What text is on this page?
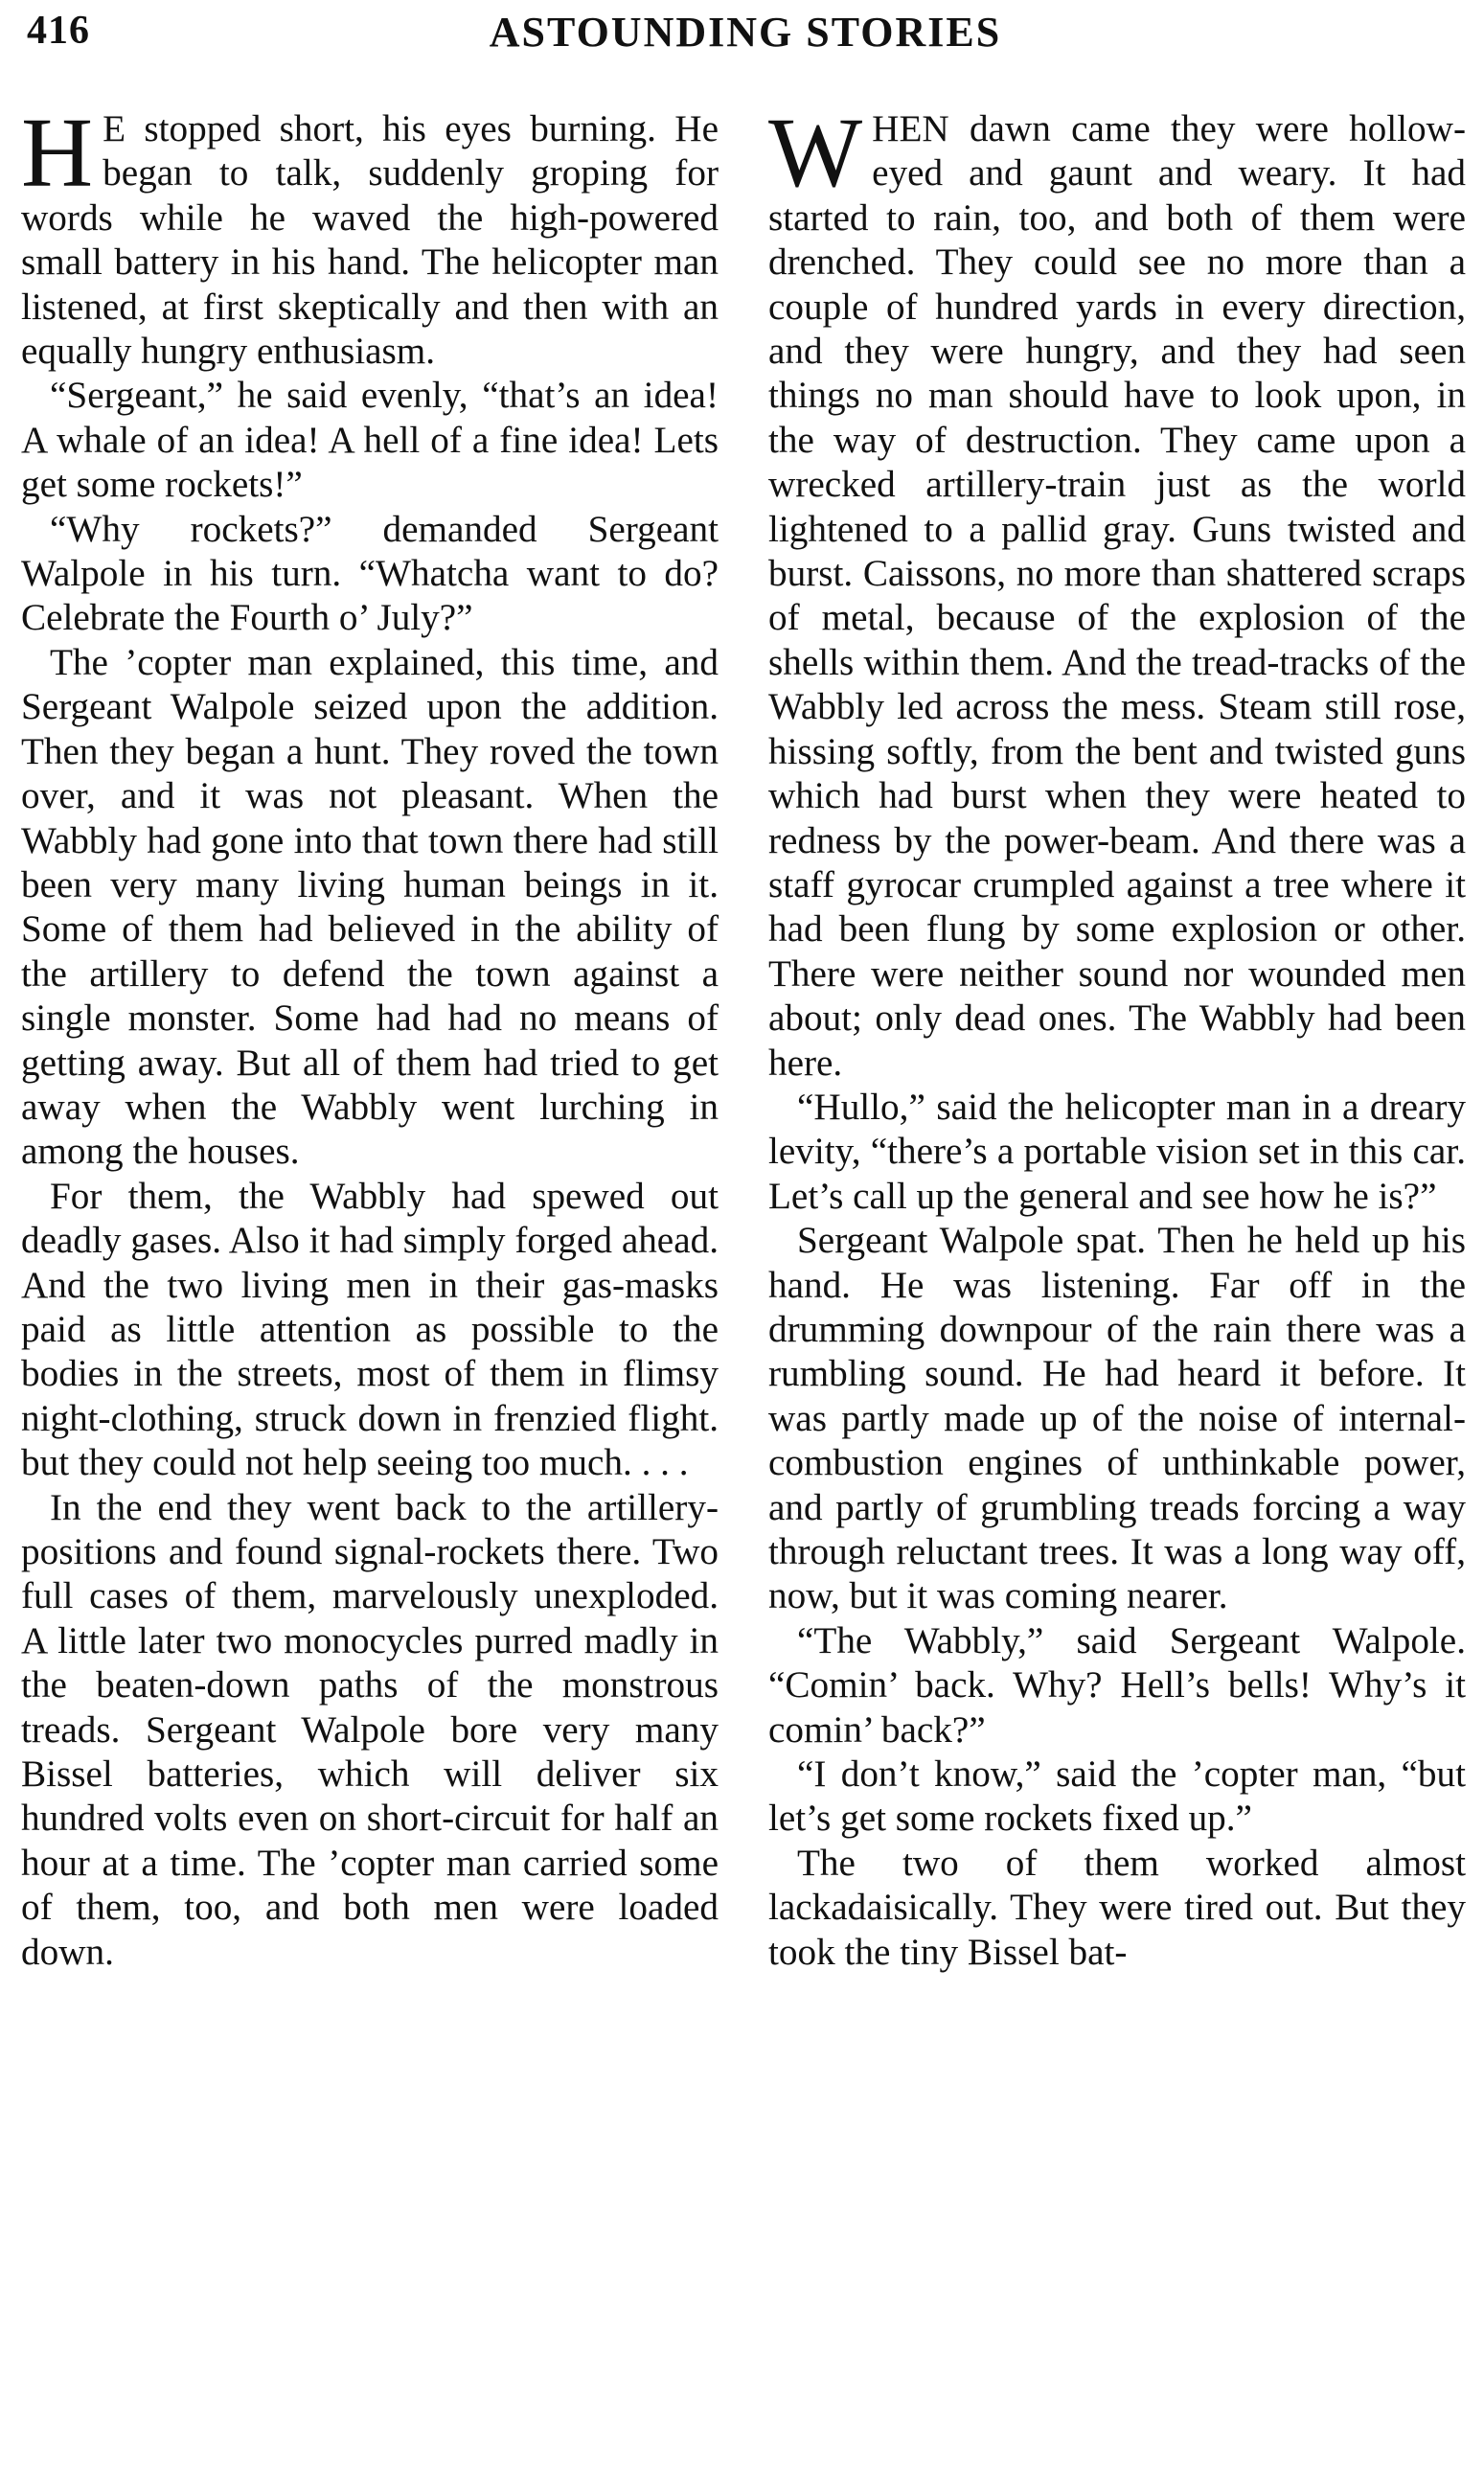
416	ASTOUNDING STORIES

H E stopped short, his eyes burning. He began to talk, suddenly groping for words while he waved the high-powered small battery in his hand. The helicopter man listened, at first skeptically and then with an equally hungry enthusiasm.

“Sergeant,” he said evenly, “that’s an idea! A whale of an idea! A hell of a fine idea! Lets get some rockets!”

“Why rockets?” demanded Sergeant Walpole in his turn. “Whatcha want to do? Celebrate the Fourth o’ July?”

The ’copter man explained, this time, and Sergeant Walpole seized upon the addition. Then they began a hunt. They roved the town over, and it was not pleasant. When the Wabbly had gone into that town there had still been very many living human beings in it. Some of them had believed in the ability of the artillery to defend the town against a single monster. Some had had no means of getting away. But all of them had tried to get away when the Wabbly went lurching in among the houses.

For them, the Wabbly had spewed out deadly gases. Also it had simply forged ahead. And the two living men in their gas-masks paid as little attention as possible to the bodies in the streets, most of them in flimsy night-clothing, struck down in frenzied flight. but they could not help seeing too much. . . .

In the end they went back to the artillery-positions and found signal-rockets there. Two full cases of them, marvelously unexploded. A little later two monocycles purred madly in the beaten-down paths of the monstrous treads. Sergeant Walpole bore very many Bissel batteries, which will deliver six hundred volts even on short-circuit for half an hour at a time. The ’copter man carried some of them, too, and both men were loaded down.

WHEN dawn came they were hollow-eyed and gaunt and weary. It had started to rain, too, and both of them were drenched. They could see no more than a couple of hundred yards in every direction, and they were hungry, and they had seen things no man should have to look upon, in the way of destruction. They came upon a wrecked artillery-train just as the world lightened to a pallid gray. Guns twisted and burst. Caissons, no more than shattered scraps of metal, because of the explosion of the shells within them. And the tread-tracks of the Wabbly led across the mess. Steam still rose, hissing softly, from the bent and twisted guns which had burst when they were heated to redness by the power-beam. And there was a staff gyrocar crumpled against a tree where it had been flung by some explosion or other. There were neither sound nor wounded men about; only dead ones. The Wabbly had been here.

“Hullo,” said the helicopter man in a dreary levity, “there’s a portable vision set in this car. Let’s call up the general and see how he is?”

Sergeant Walpole spat. Then he held up his hand. He was listening. Far off in the drumming downpour of the rain there was a rumbling sound. He had heard it before. It was partly made up of the noise of internal-combustion engines of unthinkable power, and partly of grumbling treads forcing a way through reluctant trees. It was a long way off, now, but it was coming nearer.

“The Wabbly,” said Sergeant Walpole. “Comin’ back. Why? Hell’s bells! Why’s it comin’ back?”

“I don’t know,” said the ’copter man, “but let’s get some rockets fixed up.”

The two of them worked almost lackadaisically. They were tired out. But they took the tiny Bissel bat-
